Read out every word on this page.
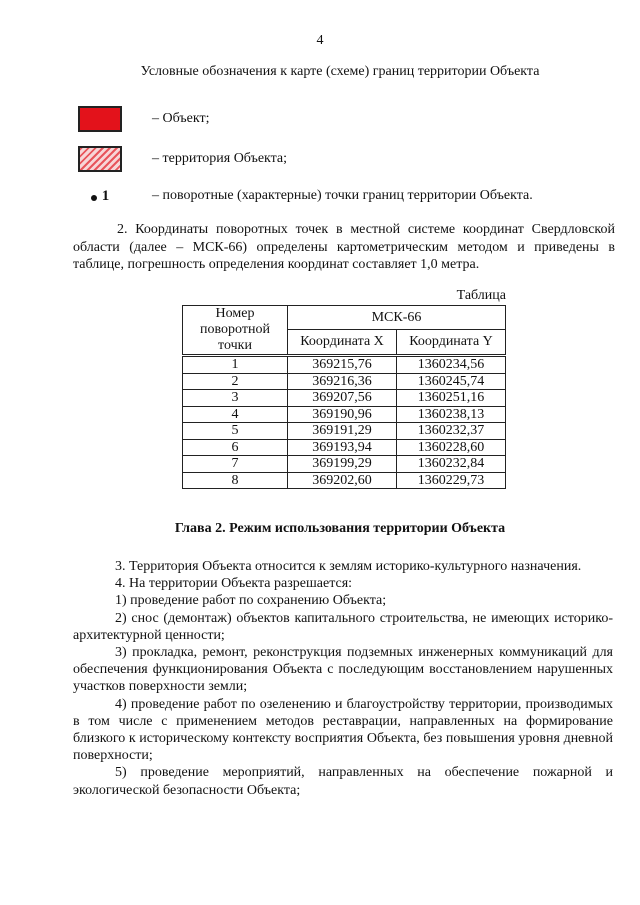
4
Условные обозначения к карте (схеме) границ территории Объекта
– Объект;
– территория Объекта;
1	– поворотные (характерные) точки границ территории Объекта.

2. Координаты поворотных точек в местной системе координат Свердловской области (далее – МСК-66) определены картометрическим методом и приведены в таблице, погрешность определения координат составляет 1,0 метра.

Таблица
Номер поворотной точки	МСК-66	
	Координата X	Координата Y
1	369215,76	1360234,56
2	369216,36	1360245,74
3	369207,56	1360251,16
4	369190,96	1360238,13
5	369191,29	1360232,37
6	369193,94	1360228,60
7	369199,29	1360232,84
8	369202,60	1360229,73
Глава 2. Режим использования территории Объекта

3. Территория Объекта относится к землям историко-культурного назначения.

4. На территории Объекта разрешается:

1) проведение работ по сохранению Объекта;

2) снос (демонтаж) объектов капитального строительства, не имеющих историко-архитектурной ценности;

3) прокладка, ремонт, реконструкция подземных инженерных коммуникаций для обеспечения функционирования Объекта с последующим восстановлением нарушенных участков поверхности земли;

4) проведение работ по озеленению и благоустройству территории, производимых в том числе с применением методов реставрации, направленных на формирование близкого к историческому контексту восприятия Объекта, без повышения уровня дневной поверхности;

5) проведение мероприятий, направленных на обеспечение пожарной и экологической безопасности Объекта;
